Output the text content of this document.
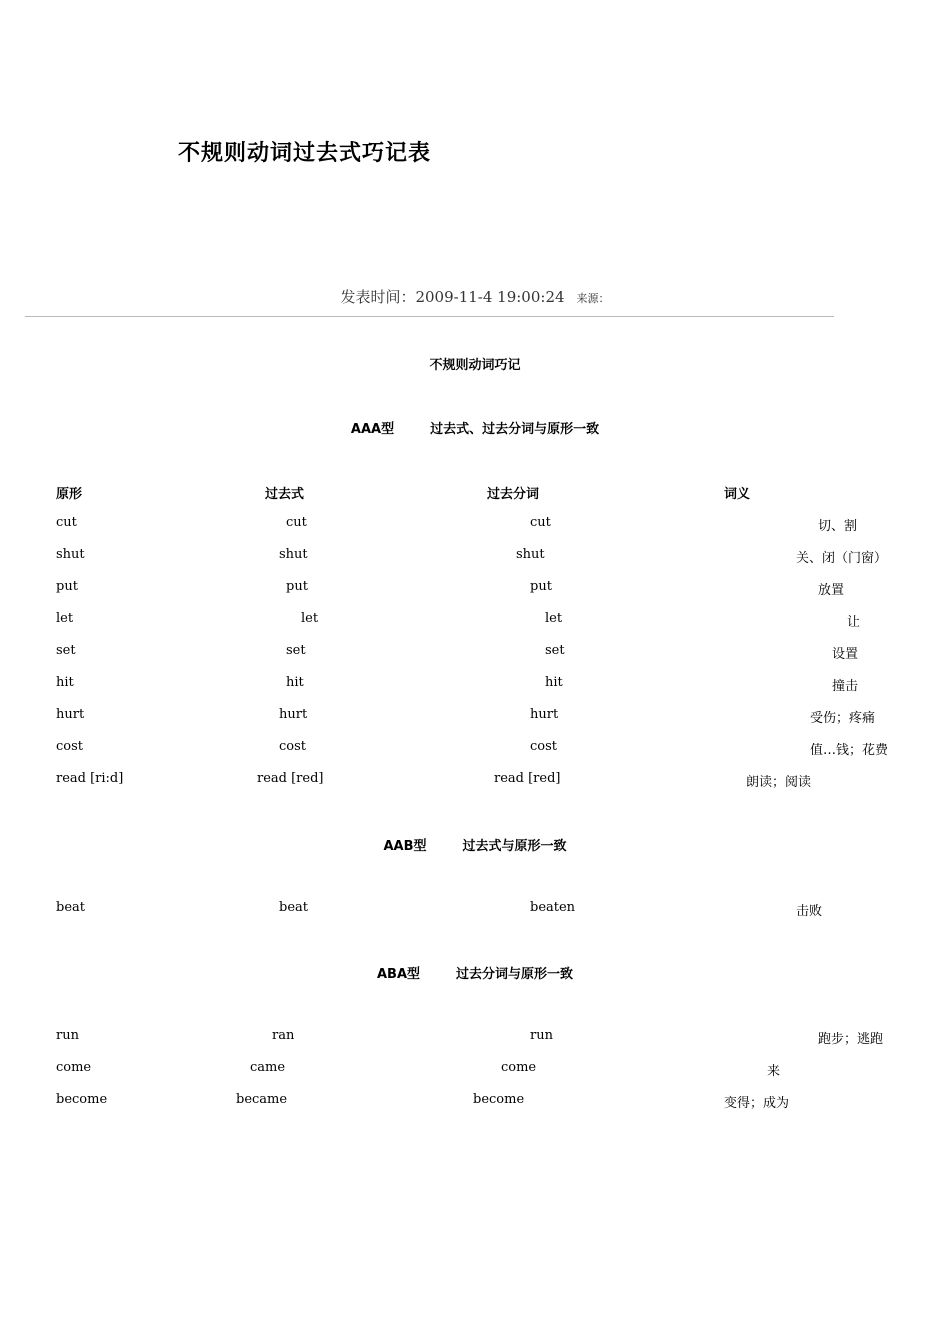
不规则动词过去式巧记表
发表时间：2009-11-4 19:00:24 来源：
不规则动词巧记
AAA型	过去式、过去分词与原形一致
原形	过去式	过去分词	词义
cut	cut	cut	切、割
shut	shut	shut	关、闭（门窗）
put	put	put	放置
let	let	let	让
set	set	set	设置
hit	hit	hit	撞击
hurt	hurt	hurt	受伤；疼痛
cost	cost	cost	值…钱；花费
read [ri:d]	read [red]	read [red]	朗读；阅读
AAB型	过去式与原形一致
beat	beat	beaten	击败
ABA型	过去分词与原形一致
run	ran	run	跑步；逃跑
come	came	come	来
become	became	become	变得；成为
